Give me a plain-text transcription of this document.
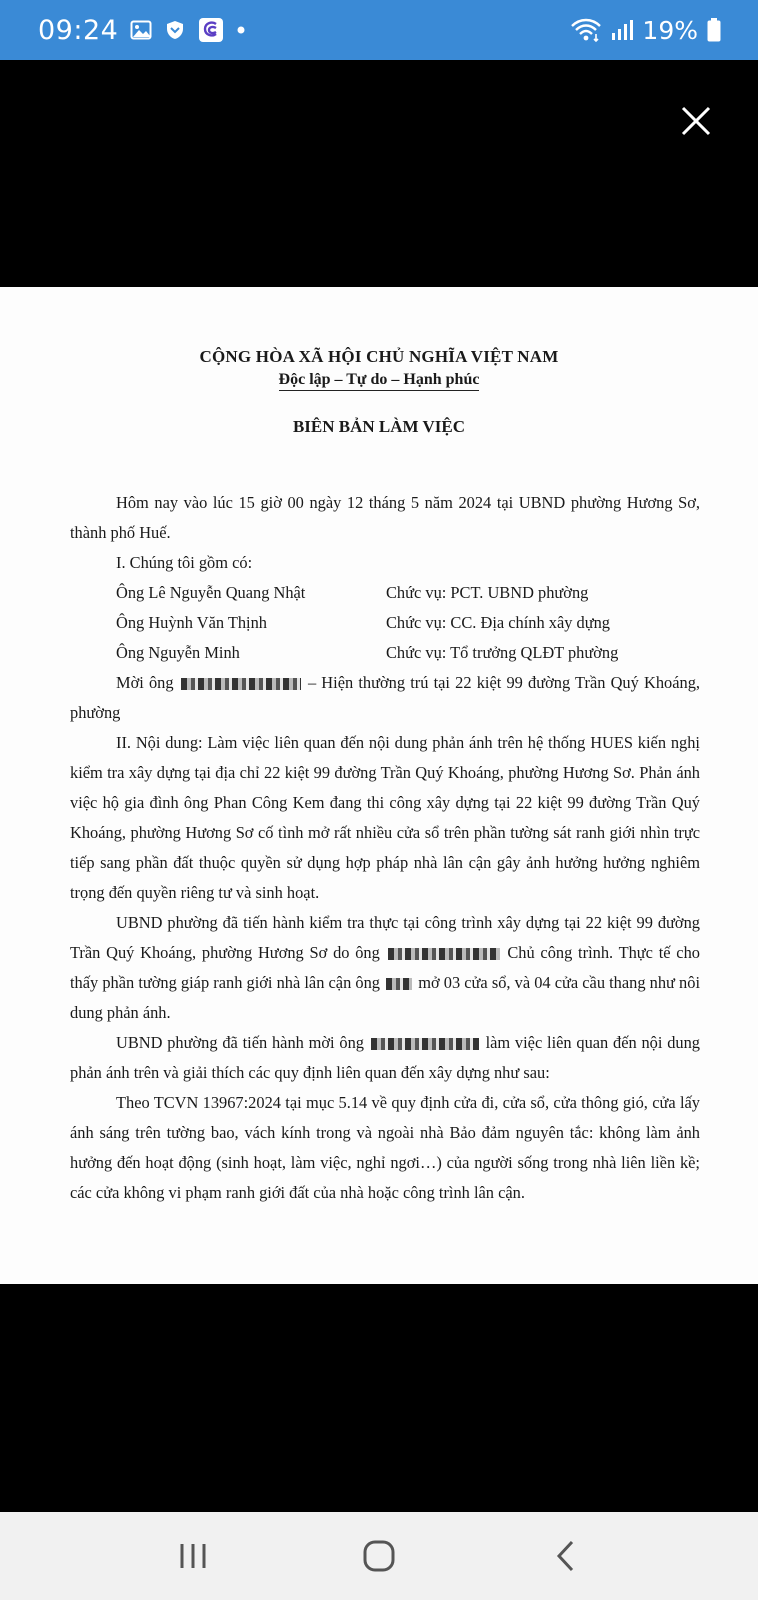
09:24	19%
CỘNG HÒA XÃ HỘI CHỦ NGHĨA VIỆT NAM
Độc lập – Tự do – Hạnh phúc
BIÊN BẢN LÀM VIỆC

Hôm nay vào lúc 15 giờ 00 ngày 12 tháng 5 năm 2024 tại UBND phường Hương Sơ, thành phố Huế.

I. Chúng tôi gồm có:

Ông Lê Nguyễn Quang Nhật	Chức vụ: PCT. UBND phường
Ông Huỳnh Văn Thịnh	Chức vụ: CC. Địa chính xây dựng
Ông Nguyễn Minh	Chức vụ: Tổ trưởng QLĐT phường

Mời ông	– Hiện thường trú tại 22 kiệt 99 đường Trần Quý Khoáng, phường

II. Nội dung: Làm việc liên quan đến nội dung phản ánh trên hệ thống HUES kiến nghị kiểm tra xây dựng tại địa chỉ 22 kiệt 99 đường Trần Quý Khoáng, phường Hương Sơ. Phản ánh việc hộ gia đình ông Phan Công Kem đang thi công xây dựng tại 22 kiệt 99 đường Trần Quý Khoáng, phường Hương Sơ cố tình mở rất nhiều cửa sổ trên phần tường sát ranh giới nhìn trực tiếp sang phần đất thuộc quyền sử dụng hợp pháp nhà lân cận gây ảnh hưởng hưởng nghiêm trọng đến quyền riêng tư và sinh hoạt.

UBND phường đã tiến hành kiểm tra thực tại công trình xây dựng tại 22 kiệt 99 đường Trần Quý Khoáng, phường Hương Sơ do ông	Chủ công trình. Thực tế cho thấy phần tường giáp ranh giới nhà lân cận ông mở 03 cửa sổ, và 04 cửa cầu thang như nôi dung phản ánh.

UBND phường đã tiến hành mời ông	làm việc liên quan đến nội dung phản ánh trên và giải thích các quy định liên quan đến xây dựng như sau:

Theo TCVN 13967:2024 tại mục 5.14 về quy định cửa đi, cửa sổ, cửa thông gió, cửa lấy ánh sáng trên tường bao, vách kính trong và ngoài nhà Bảo đảm nguyên tắc: không làm ảnh hưởng đến hoạt động (sinh hoạt, làm việc, nghỉ ngơi…) của người sống trong nhà liên liền kề; các cửa không vi phạm ranh giới đất của nhà hoặc công trình lân cận.
